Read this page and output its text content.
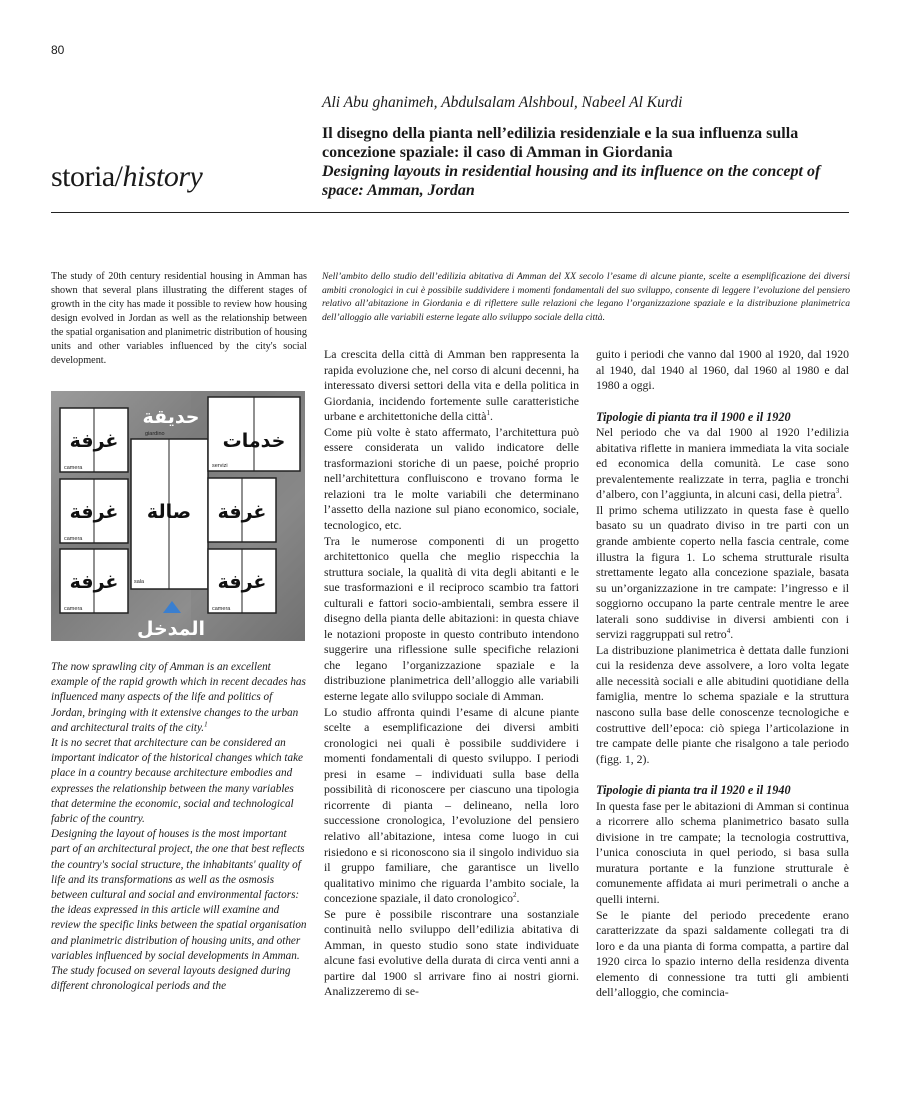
80
storia/history
Ali Abu ghanimeh, Abdulsalam Alshboul, Nabeel Al Kurdi
Il disegno della pianta nell’edilizia residenziale e la sua influenza sulla concezione spaziale: il caso di Amman in Giordania
Designing layouts in residential housing and its influence on the concept of space: Amman, Jordan
The study of 20th century residential housing in Amman has shown that several plans illustrating the different stages of growth in the city has made it possible to review how housing design evolved in Jordan as well as the relationship between the spatial organisation and planimetric distribution of housing units and other variables influenced by the city's social development.
Nell’ambito dello studio dell’edilizia abitativa di Amman del XX secolo l’esame di alcune piante, scelte a esemplificazione dei diversi ambiti cronologici in cui è possibile suddividere i momenti fondamentali del suo sviluppo, consente di leggere l’evoluzione del pensiero relativo all’abitazione in Giordania e di riflettere sulle relazioni che legano l’organizzazione spaziale e la distribuzione planimetrica dell’alloggio alle variabili esterne legate allo sviluppo sociale della città.
حديقة
خدمات
غرفة
غرفة
غرفة
صالة غرفة
غرفة
المدخل
giardino
servizi
camera
camera
camera
sala
camera

The now sprawling city of Amman is an excellent example of the rapid growth which in recent decades has influenced many aspects of the life and politics of Jordan, bringing with it extensive changes to the urban and architectural traits of the city.$^1$

It is no secret that architecture can be considered an important indicator of the historical changes which take place in a country because architecture embodies and expresses the relationship between the many variables that determine the economic, social and technological fabric of the country.

Designing the layout of houses is the most important part of an architectural project, the one that best reflects the country's social structure, the inhabitants' quality of life and its transformations as well as the osmosis between cultural and social and environmental factors: the ideas expressed in this article will examine and review the specific links between the spatial organisation and planimetric distribution of housing units, and other variables influenced by social developments in Amman.

The study focused on several layouts designed during different chronological periods and the

La crescita della città di Amman ben rappresenta la rapida evoluzione che, nel corso di alcuni decenni, ha interessato diversi settori della vita e della politica in Giordania, incidendo fortemente sulle caratteristiche urbane e architettoniche della città$^1$.

Come più volte è stato affermato, l’architettura può essere considerata un valido indicatore delle trasformazioni storiche di un paese, poiché proprio nell’architettura confluiscono e trovano forma le relazioni tra le molte variabili che determinano l’assetto della nazione sul piano economico, sociale, tecnologico, etc.

Tra le numerose componenti di un progetto architettonico quella che meglio rispecchia la struttura sociale, la qualità di vita degli abitanti e le sue trasformazioni e il reciproco scambio tra fattori culturali e fattori socio-ambientali, sembra essere il disegno della pianta delle abitazioni: in questa chiave le notazioni proposte in questo contributo intendono suggerire una riflessione sulle specifiche relazioni che legano l’organizzazione spaziale e la distribuzione planimetrica dell’alloggio alle variabili esterne legate allo sviluppo sociale di Amman.

Lo studio affronta quindi l’esame di alcune piante scelte a esemplificazione dei diversi ambiti cronologici nei quali è possibile suddividere i momenti fondamentali di questo sviluppo. I periodi presi in esame – individuati sulla base della possibilità di riconoscere per ciascuno una tipologia ricorrente di pianta – delineano, nella loro successione cronologica, l’evoluzione del pensiero relativo all’abitazione, intesa come luogo in cui risiedono e si riconoscono sia il singolo individuo sia il gruppo familiare, che garantisce un livello qualitativo minimo che riguarda l’ambito sociale, la concezione spaziale, il dato cronologico$^2$.

Se pure è possibile riscontrare una sostanziale continuità nello sviluppo dell’edilizia abitativa di Amman, in questo studio sono state individuate alcune fasi evolutive della durata di circa venti anni a partire dal 1900 sl arrivare fino ai nostri giorni. Analizzeremo di se-

guito i periodi che vanno dal 1900 al 1920, dal 1920 al 1940, dal 1940 al 1960, dal 1960 al 1980 e dal 1980 a oggi.

Tipologie di pianta tra il 1900 e il 1920

Nel periodo che va dal 1900 al 1920 l’edilizia abitativa riflette in maniera immediata la vita sociale ed economica della comunità. Le case sono prevalentemente realizzate in terra, paglia e tronchi d’albero, con l’aggiunta, in alcuni casi, della pietra$^3$.

Il primo schema utilizzato in questa fase è quello basato su un quadrato diviso in tre parti con un grande ambiente coperto nella fascia centrale, come illustra la figura 1. Lo schema strutturale risulta strettamente legato alla concezione spaziale, basata su un’organizzazione in tre campate: l’ingresso e il soggiorno occupano la parte centrale mentre le aree laterali sono suddivise in diversi ambienti con i servizi raggruppati sul retro$^4$.

La distribuzione planimetrica è dettata dalle funzioni cui la residenza deve assolvere, a loro volta legate alle necessità sociali e alle abitudini quotidiane della famiglia, mentre lo schema spaziale e la struttura nascono sulla base delle conoscenze tecnologiche e costruttive dell’epoca: ciò spiega l’articolazione in tre campate delle piante che risalgono a tale periodo (figg. 1, 2).

Tipologie di pianta tra il 1920 e il 1940

In questa fase per le abitazioni di Amman si continua a ricorrere allo schema planimetrico basato sulla divisione in tre campate; la tecnologia costruttiva, l’unica conosciuta in quel periodo, si basa sulla muratura portante e la funzione strutturale è comunemente affidata ai muri perimetrali o anche a quelli interni.

Se le piante del periodo precedente erano caratterizzate da spazi saldamente collegati tra di loro e da una pianta di forma compatta, a partire dal 1920 circa lo spazio interno della residenza diventa elemento di connessione tra tutti gli ambienti dell’alloggio, che comincia-
